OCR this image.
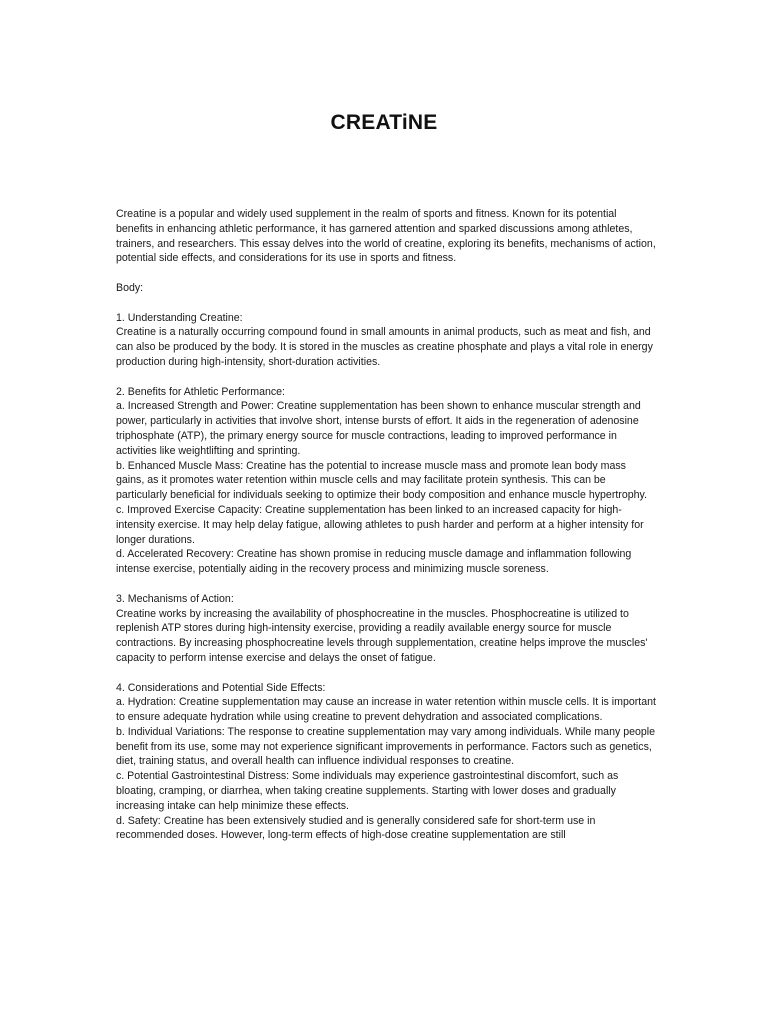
CREATiNE

Creatine is a popular and widely used supplement in the realm of sports and fitness. Known for its potential benefits in enhancing athletic performance, it has garnered attention and sparked discussions among athletes, trainers, and researchers. This essay delves into the world of creatine, exploring its benefits, mechanisms of action, potential side effects, and considerations for its use in sports and fitness.

Body:

1. Understanding Creatine:
Creatine is a naturally occurring compound found in small amounts in animal products, such as meat and fish, and can also be produced by the body. It is stored in the muscles as creatine phosphate and plays a vital role in energy production during high-intensity, short-duration activities.
2. Benefits for Athletic Performance:
a. Increased Strength and Power: Creatine supplementation has been shown to enhance muscular strength and power, particularly in activities that involve short, intense bursts of effort. It aids in the regeneration of adenosine triphosphate (ATP), the primary energy source for muscle contractions, leading to improved performance in activities like weightlifting and sprinting.
b. Enhanced Muscle Mass: Creatine has the potential to increase muscle mass and promote lean body mass gains, as it promotes water retention within muscle cells and may facilitate protein synthesis. This can be particularly beneficial for individuals seeking to optimize their body composition and enhance muscle hypertrophy.
c. Improved Exercise Capacity: Creatine supplementation has been linked to an increased capacity for high-intensity exercise. It may help delay fatigue, allowing athletes to push harder and perform at a higher intensity for longer durations.
d. Accelerated Recovery: Creatine has shown promise in reducing muscle damage and inflammation following intense exercise, potentially aiding in the recovery process and minimizing muscle soreness.
3. Mechanisms of Action:
Creatine works by increasing the availability of phosphocreatine in the muscles. Phosphocreatine is utilized to replenish ATP stores during high-intensity exercise, providing a readily available energy source for muscle contractions. By increasing phosphocreatine levels through supplementation, creatine helps improve the muscles' capacity to perform intense exercise and delays the onset of fatigue.
4. Considerations and Potential Side Effects:
a. Hydration: Creatine supplementation may cause an increase in water retention within muscle cells. It is important to ensure adequate hydration while using creatine to prevent dehydration and associated complications.
b. Individual Variations: The response to creatine supplementation may vary among individuals. While many people benefit from its use, some may not experience significant improvements in performance. Factors such as genetics, diet, training status, and overall health can influence individual responses to creatine.
c. Potential Gastrointestinal Distress: Some individuals may experience gastrointestinal discomfort, such as bloating, cramping, or diarrhea, when taking creatine supplements. Starting with lower doses and gradually increasing intake can help minimize these effects.
d. Safety: Creatine has been extensively studied and is generally considered safe for short-term use in recommended doses. However, long-term effects of high-dose creatine supplementation are still
